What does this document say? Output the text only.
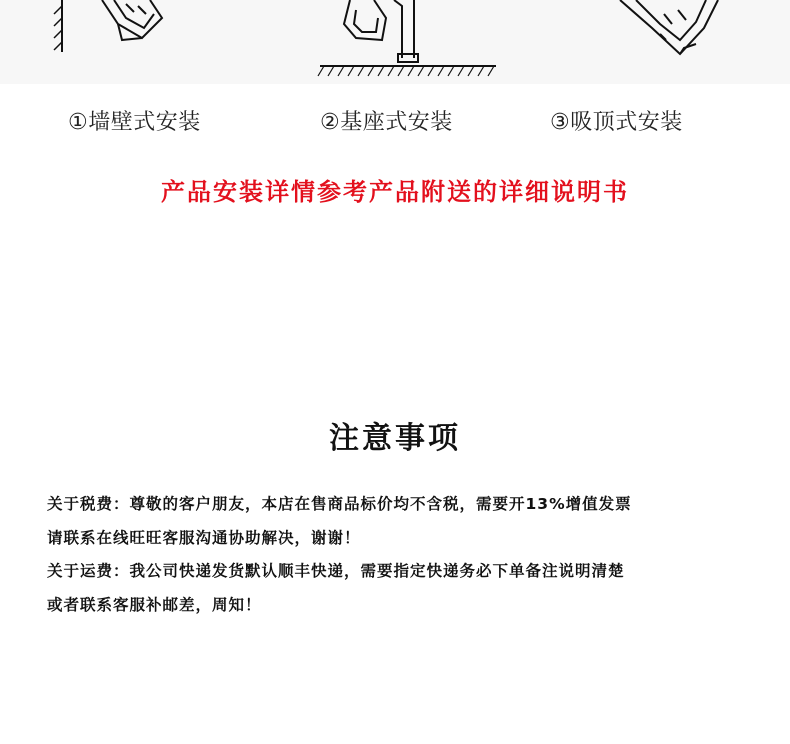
①墙壁式安装	②基座式安装	③吸顶式安装
产品安装详情参考产品附送的详细说明书
注意事项
关于税费：尊敬的客户朋友，本店在售商品标价均不含税，需要开13%增值发票
请联系在线旺旺客服沟通协助解决，谢谢！
关于运费：我公司快递发货默认顺丰快递，需要指定快递务必下单备注说明清楚
或者联系客服补邮差，周知！
